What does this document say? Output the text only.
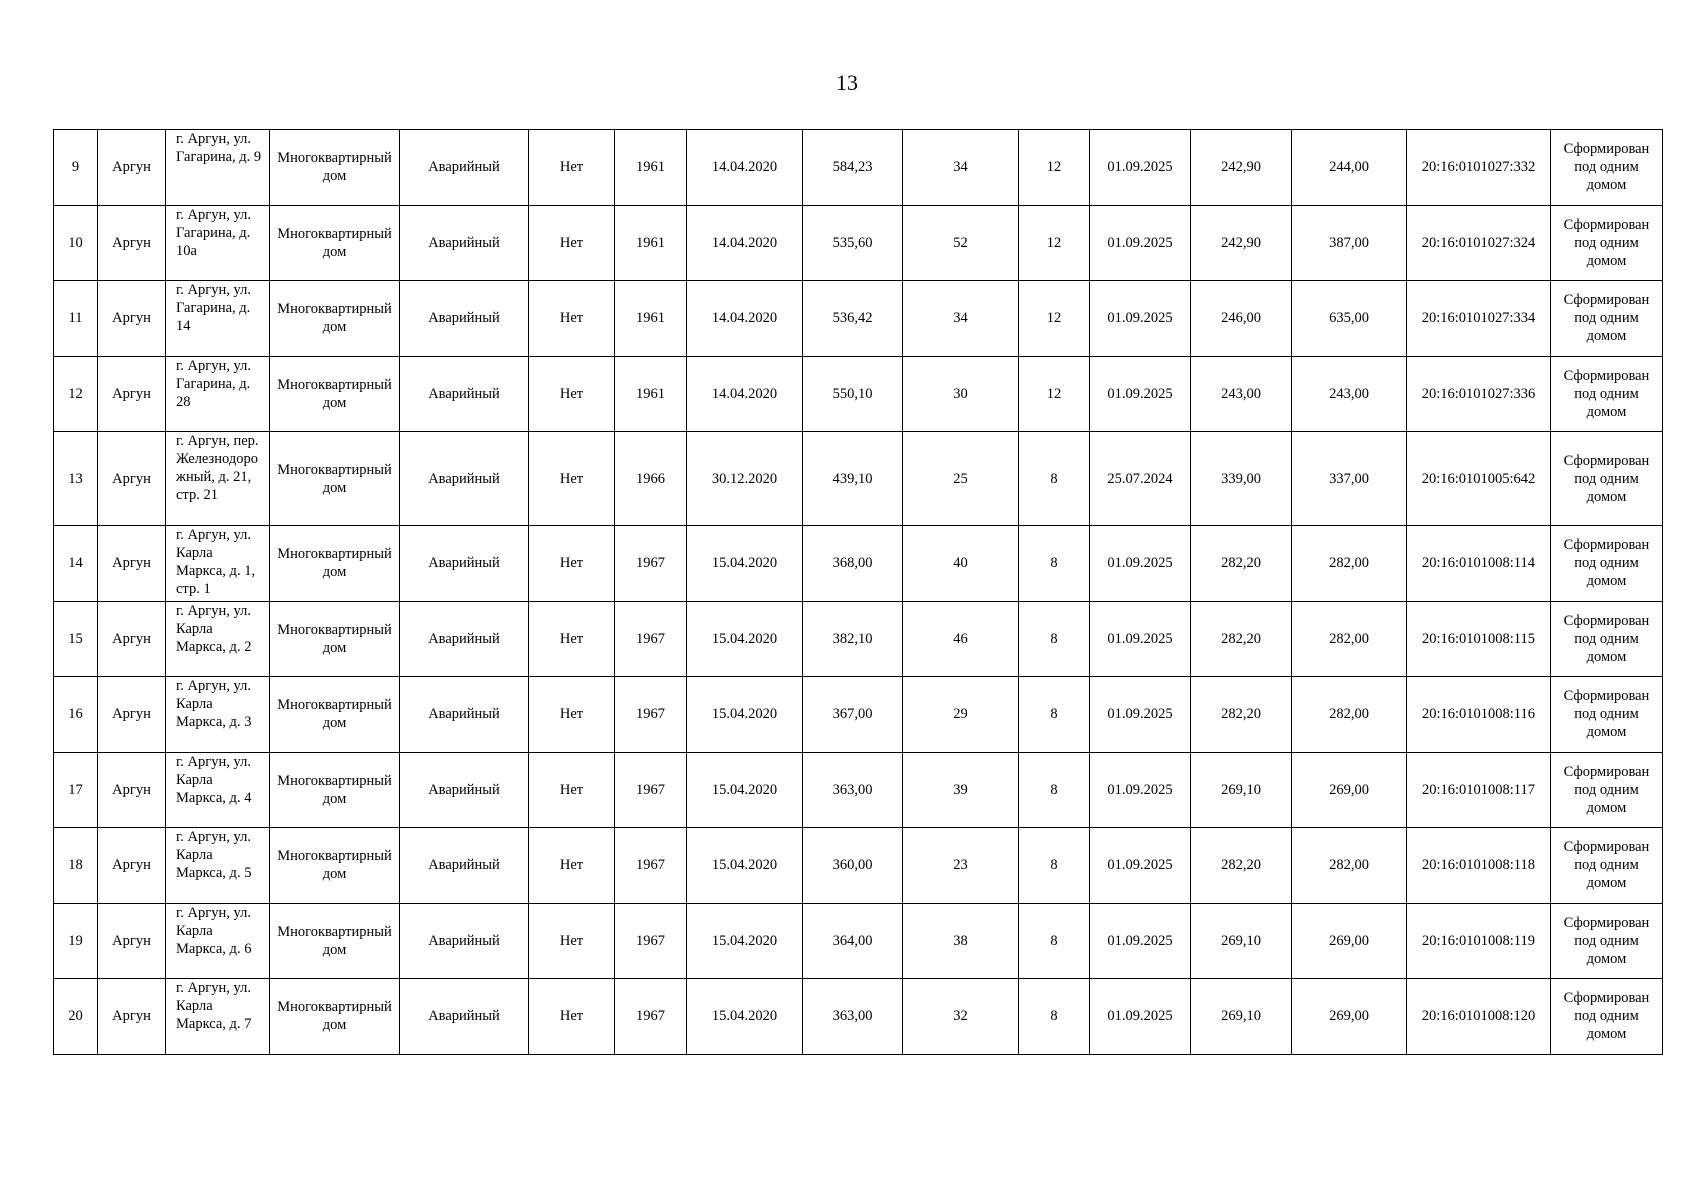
13
9	Аргун	г. Аргун, ул. Гагарина, д. 9	Многоквартирный дом	Аварийный	Нет	1961	14.04.2020	584,23	34	12	01.09.2025	242,90	244,00	20:16:0101027:332	Сформирован под одним домом
10	Аргун	г. Аргун, ул. Гагарина, д. 10а	Многоквартирный дом	Аварийный	Нет	1961	14.04.2020	535,60	52	12	01.09.2025	242,90	387,00	20:16:0101027:324	Сформирован под одним домом
11	Аргун	г. Аргун, ул. Гагарина, д. 14	Многоквартирный дом	Аварийный	Нет	1961	14.04.2020	536,42	34	12	01.09.2025	246,00	635,00	20:16:0101027:334	Сформирован под одним домом
12	Аргун	г. Аргун, ул. Гагарина, д. 28	Многоквартирный дом	Аварийный	Нет	1961	14.04.2020	550,10	30	12	01.09.2025	243,00	243,00	20:16:0101027:336	Сформирован под одним домом
13	Аргун	г. Аргун, пер. Железнодорожный, д. 21, стр. 21	Многоквартирный дом	Аварийный	Нет	1966	30.12.2020	439,10	25	8	25.07.2024	339,00	337,00	20:16:0101005:642	Сформирован под одним домом
14	Аргун	г. Аргун, ул. Карла Маркса, д. 1, стр. 1	Многоквартирный дом	Аварийный	Нет	1967	15.04.2020	368,00	40	8	01.09.2025	282,20	282,00	20:16:0101008:114	Сформирован под одним домом
15	Аргун	г. Аргун, ул. Карла Маркса, д. 2	Многоквартирный дом	Аварийный	Нет	1967	15.04.2020	382,10	46	8	01.09.2025	282,20	282,00	20:16:0101008:115	Сформирован под одним домом
16	Аргун	г. Аргун, ул. Карла Маркса, д. 3	Многоквартирный дом	Аварийный	Нет	1967	15.04.2020	367,00	29	8	01.09.2025	282,20	282,00	20:16:0101008:116	Сформирован под одним домом
17	Аргун	г. Аргун, ул. Карла Маркса, д. 4	Многоквартирный дом	Аварийный	Нет	1967	15.04.2020	363,00	39	8	01.09.2025	269,10	269,00	20:16:0101008:117	Сформирован под одним домом
18	Аргун	г. Аргун, ул. Карла Маркса, д. 5	Многоквартирный дом	Аварийный	Нет	1967	15.04.2020	360,00	23	8	01.09.2025	282,20	282,00	20:16:0101008:118	Сформирован под одним домом
19	Аргун	г. Аргун, ул. Карла Маркса, д. 6	Многоквартирный дом	Аварийный	Нет	1967	15.04.2020	364,00	38	8	01.09.2025	269,10	269,00	20:16:0101008:119	Сформирован под одним домом
20	Аргун	г. Аргун, ул. Карла Маркса, д. 7	Многоквартирный дом	Аварийный	Нет	1967	15.04.2020	363,00	32	8	01.09.2025	269,10	269,00	20:16:0101008:120	Сформирован под одним домом
